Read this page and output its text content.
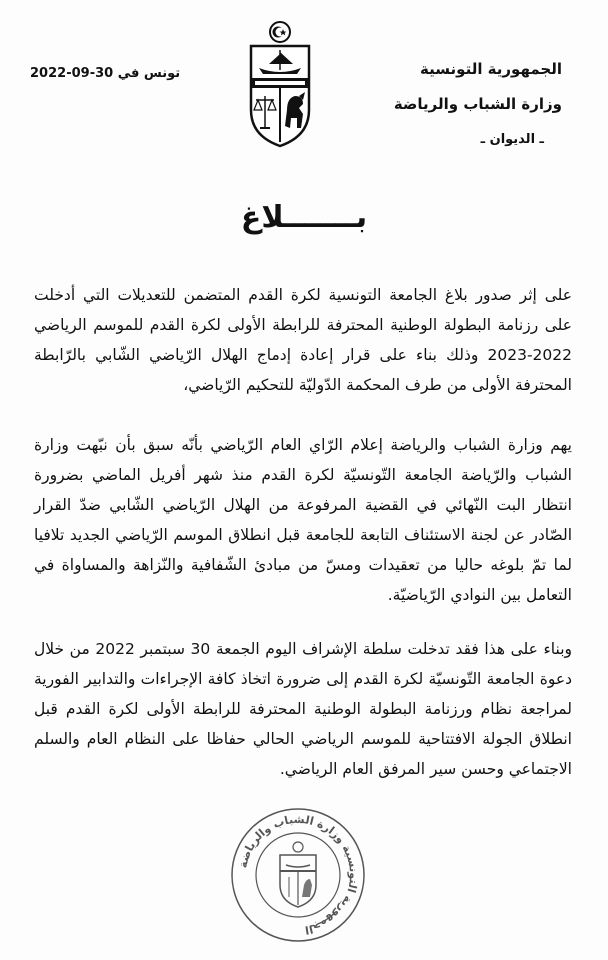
الجمهورية التونسية
وزارة الشباب والرياضة
ـ الديوان ـ
تونس في 30-09-2022
بـــــــلاغ

على إثر صدور بلاغ الجامعة التونسية لكرة القدم المتضمن للتعديلات التي أدخلت على رزنامة البطولة الوطنية المحترفة للرابطة الأولى لكرة القدم للموسم الرياضي 2022-2023 وذلك بناء على قرار إعادة إدماج الهلال الرّياضي الشّابي بالرّابطة المحترفة الأولى من طرف المحكمة الدّوليّة للتحكيم الرّياضي،

يهم وزارة الشباب والرياضة إعلام الرّاي العام الرّياضي بأنّه سبق بأن نبّهت وزارة الشباب والرّياضة الجامعة التّونسيّة لكرة القدم منذ شهر أفريل الماضي بضرورة انتظار البت النّهائي في القضية المرفوعة من الهلال الرّياضي الشّابي ضدّ القرار الصّادر عن لجنة الاستئناف التابعة للجامعة قبل انطلاق الموسم الرّياضي الجديد تلافيا لما تمّ بلوغه حاليا من تعقيدات ومسّ من مبادئ الشّفافية والنّزاهة والمساواة في التعامل بين النوادي الرّياضيّة.

وبناء على هذا فقد تدخلت سلطة الإشراف اليوم الجمعة 30 سبتمبر 2022 من خلال دعوة الجامعة التّونسيّة لكرة القدم إلى ضرورة اتخاذ كافة الإجراءات والتدابير الفورية لمراجعة نظام ورزنامة البطولة الوطنية المحترفة للرابطة الأولى لكرة القدم قبل انطلاق الجولة الافتتاحية للموسم الرياضي الحالي حفاظا على النظام العام والسلم الاجتماعي وحسن سير المرفق العام الرياضي.

الجمهورية التونسية وزارة الشباب والرياضة
